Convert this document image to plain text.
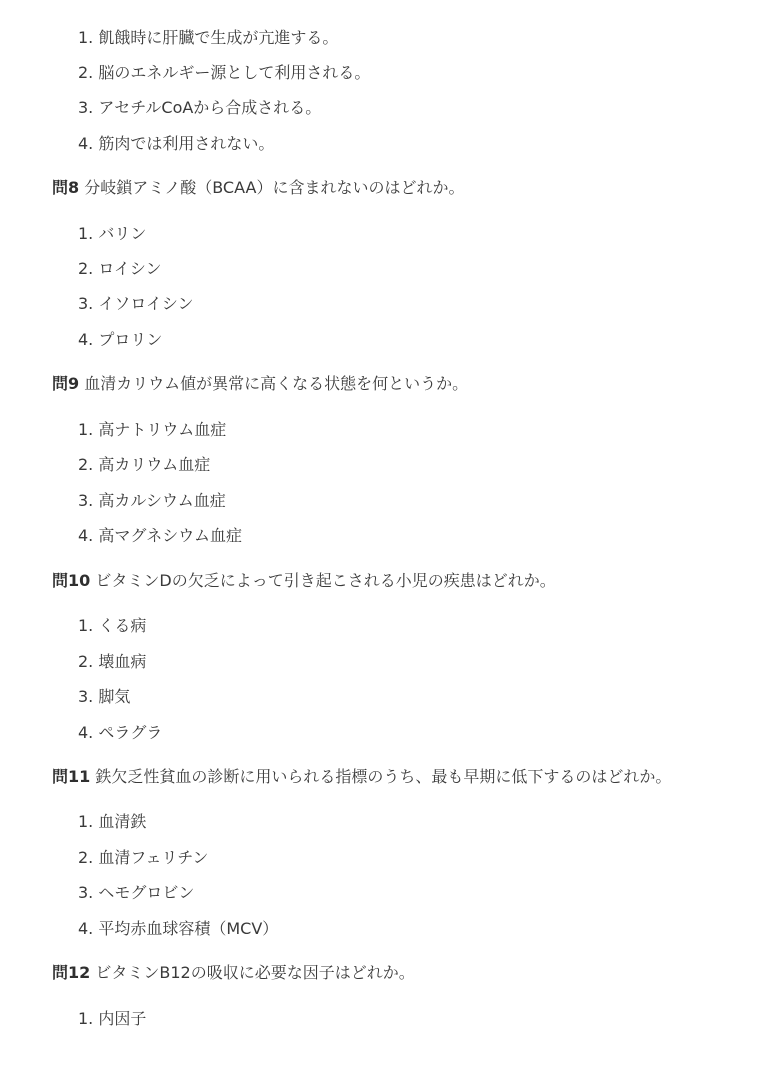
1. 飢餓時に肝臓で生成が亢進する。
2. 脳のエネルギー源として利用される。
3. アセチルCoAから合成される。
4. 筋肉では利用されない。
問8 分岐鎖アミノ酸（BCAA）に含まれないのはどれか。
1. バリン
2. ロイシン
3. イソロイシン
4. プロリン
問9 血清カリウム値が異常に高くなる状態を何というか。
1. 高ナトリウム血症
2. 高カリウム血症
3. 高カルシウム血症
4. 高マグネシウム血症
問10 ビタミンDの欠乏によって引き起こされる小児の疾患はどれか。
1. くる病
2. 壊血病
3. 脚気
4. ペラグラ
問11 鉄欠乏性貧血の診断に用いられる指標のうち、最も早期に低下するのはどれか。
1. 血清鉄
2. 血清フェリチン
3. ヘモグロビン
4. 平均赤血球容積（MCV）
問12 ビタミンB12の吸収に必要な因子はどれか。
1. 内因子
